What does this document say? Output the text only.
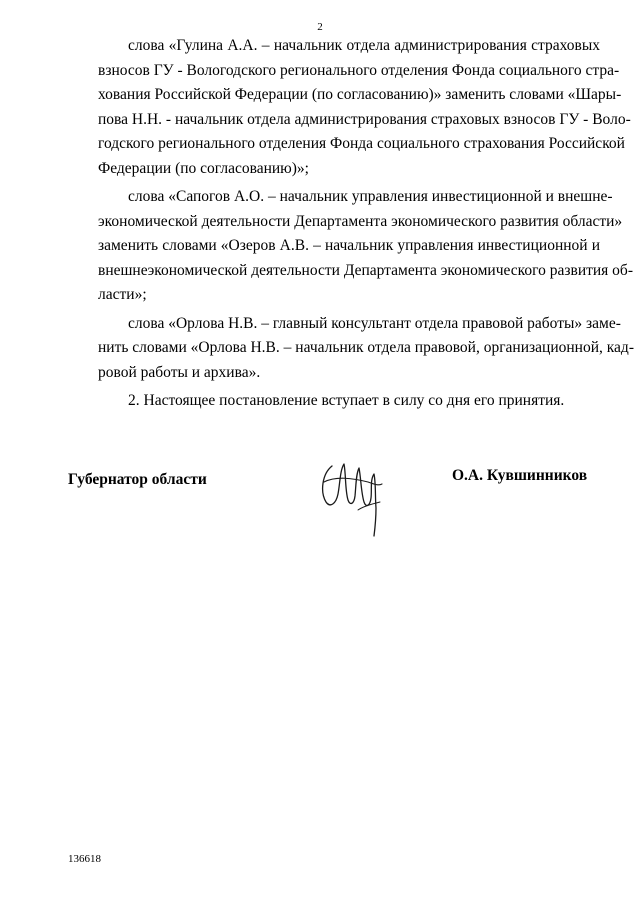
2
слова «Гулина А.А. – начальник отдела администрирования страховых
взносов ГУ - Вологодского регионального отделения Фонда социального стра-
хования Российской Федерации (по согласованию)» заменить словами «Шары-
пова Н.Н. - начальник отдела администрирования страховых взносов ГУ - Воло-
годского регионального отделения Фонда социального страхования Российской
Федерации (по согласованию)»;
слова «Сапогов А.О. – начальник управления инвестиционной и внешне-
экономической деятельности Департамента экономического развития области»
заменить словами «Озеров А.В. – начальник управления инвестиционной и
внешнеэкономической деятельности Департамента экономического развития об-
ласти»;
слова «Орлова Н.В. – главный консультант отдела правовой работы» заме-
нить словами «Орлова Н.В. – начальник отдела правовой, организационной, кад-
ровой работы и архива».
2. Настоящее постановление вступает в силу со дня его принятия.
Губернатор области	О.А. Кувшинников
136618
